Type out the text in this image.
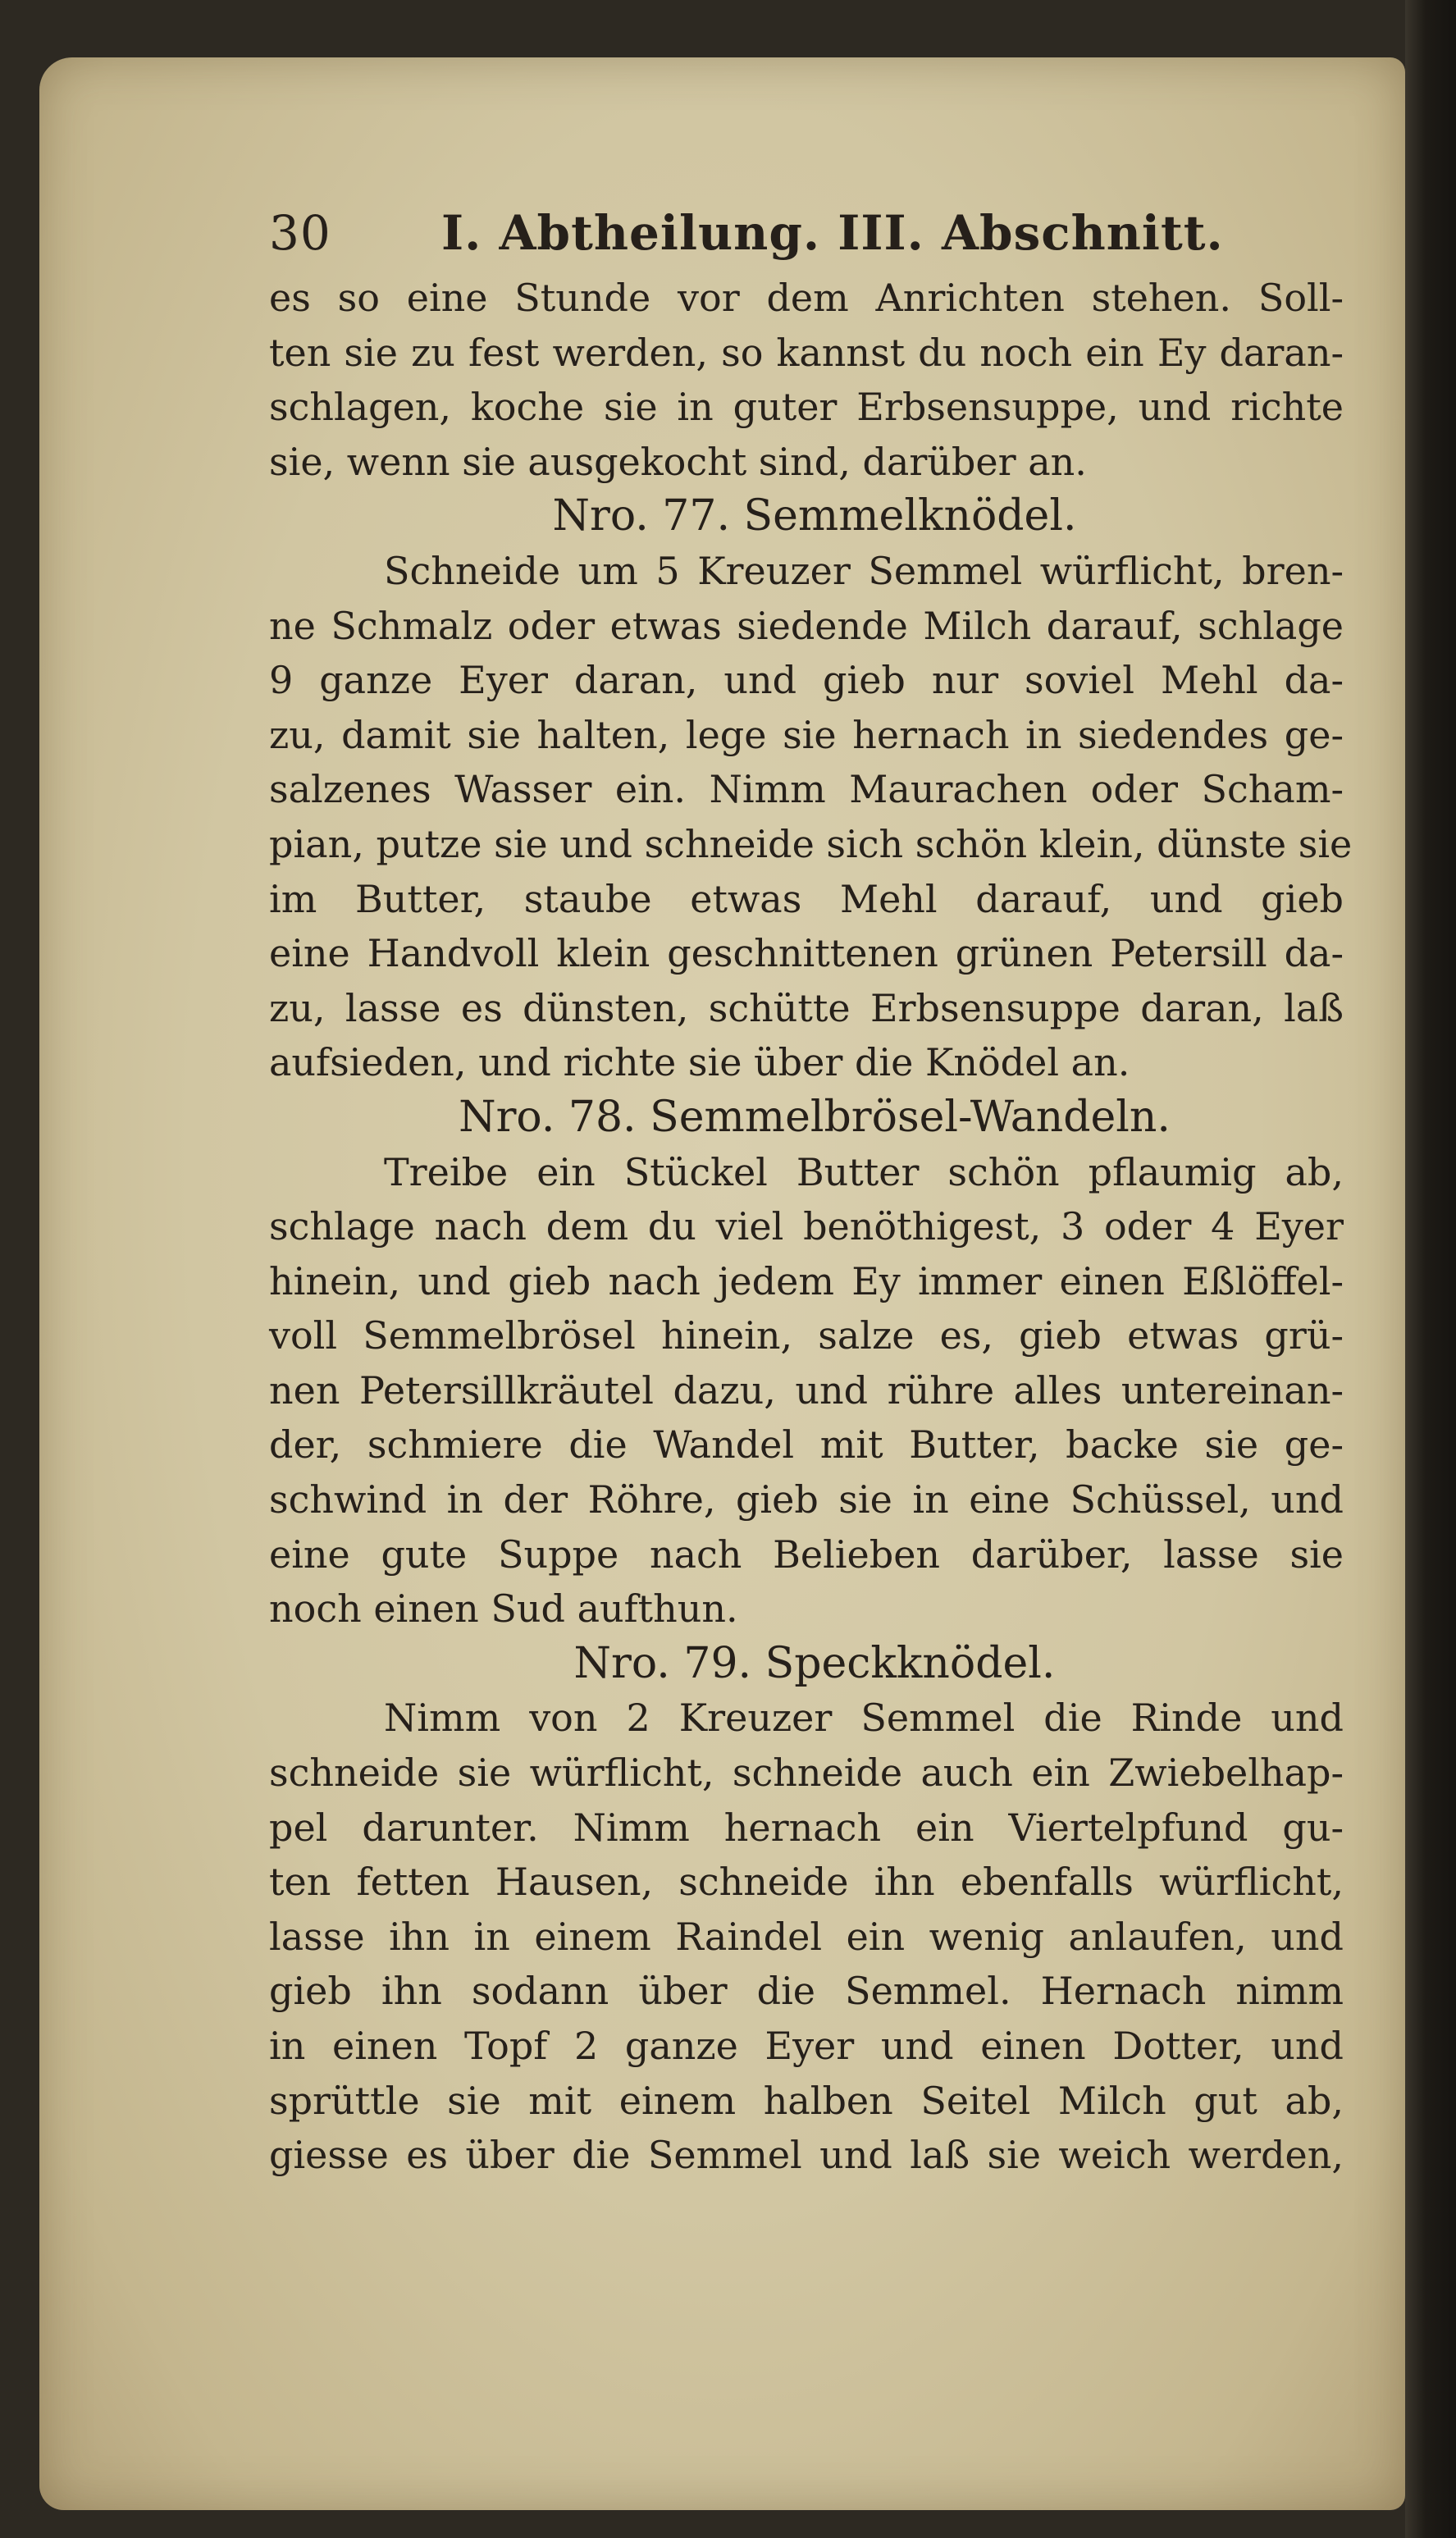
30	I. Abtheilung. III. Abschnitt.
es so eine Stunde vor dem Anrichten stehen. Soll-
ten sie zu fest werden, so kannst du noch ein Ey daran-
schlagen, koche sie in guter Erbsensuppe, und richte
sie, wenn sie ausgekocht sind, darüber an.
Nro. 77. Semmelknödel.
Schneide um 5 Kreuzer Semmel würflicht, bren-
ne Schmalz oder etwas siedende Milch darauf, schlage
9 ganze Eyer daran, und gieb nur soviel Mehl da-
zu, damit sie halten, lege sie hernach in siedendes ge-
salzenes Wasser ein. Nimm Maurachen oder Scham-
pian, putze sie und schneide sich schön klein, dünste sie
im Butter, staube etwas Mehl darauf, und gieb
eine Handvoll klein geschnittenen grünen Petersill da-
zu, lasse es dünsten, schütte Erbsensuppe daran, laß
aufsieden, und richte sie über die Knödel an.
Nro. 78. Semmelbrösel-Wandeln.
Treibe ein Stückel Butter schön pflaumig ab,
schlage nach dem du viel benöthigest, 3 oder 4 Eyer
hinein, und gieb nach jedem Ey immer einen Eßlöffel-
voll Semmelbrösel hinein, salze es, gieb etwas grü-
nen Petersillkräutel dazu, und rühre alles untereinan-
der, schmiere die Wandel mit Butter, backe sie ge-
schwind in der Röhre, gieb sie in eine Schüssel, und
eine gute Suppe nach Belieben darüber, lasse sie
noch einen Sud aufthun.
Nro. 79. Speckknödel.
Nimm von 2 Kreuzer Semmel die Rinde und
schneide sie würflicht, schneide auch ein Zwiebelhap-
pel darunter. Nimm hernach ein Viertelpfund gu-
ten fetten Hausen, schneide ihn ebenfalls würflicht,
lasse ihn in einem Raindel ein wenig anlaufen, und
gieb ihn sodann über die Semmel. Hernach nimm
in einen Topf 2 ganze Eyer und einen Dotter, und
sprüttle sie mit einem halben Seitel Milch gut ab,
giesse es über die Semmel und laß sie weich werden,
